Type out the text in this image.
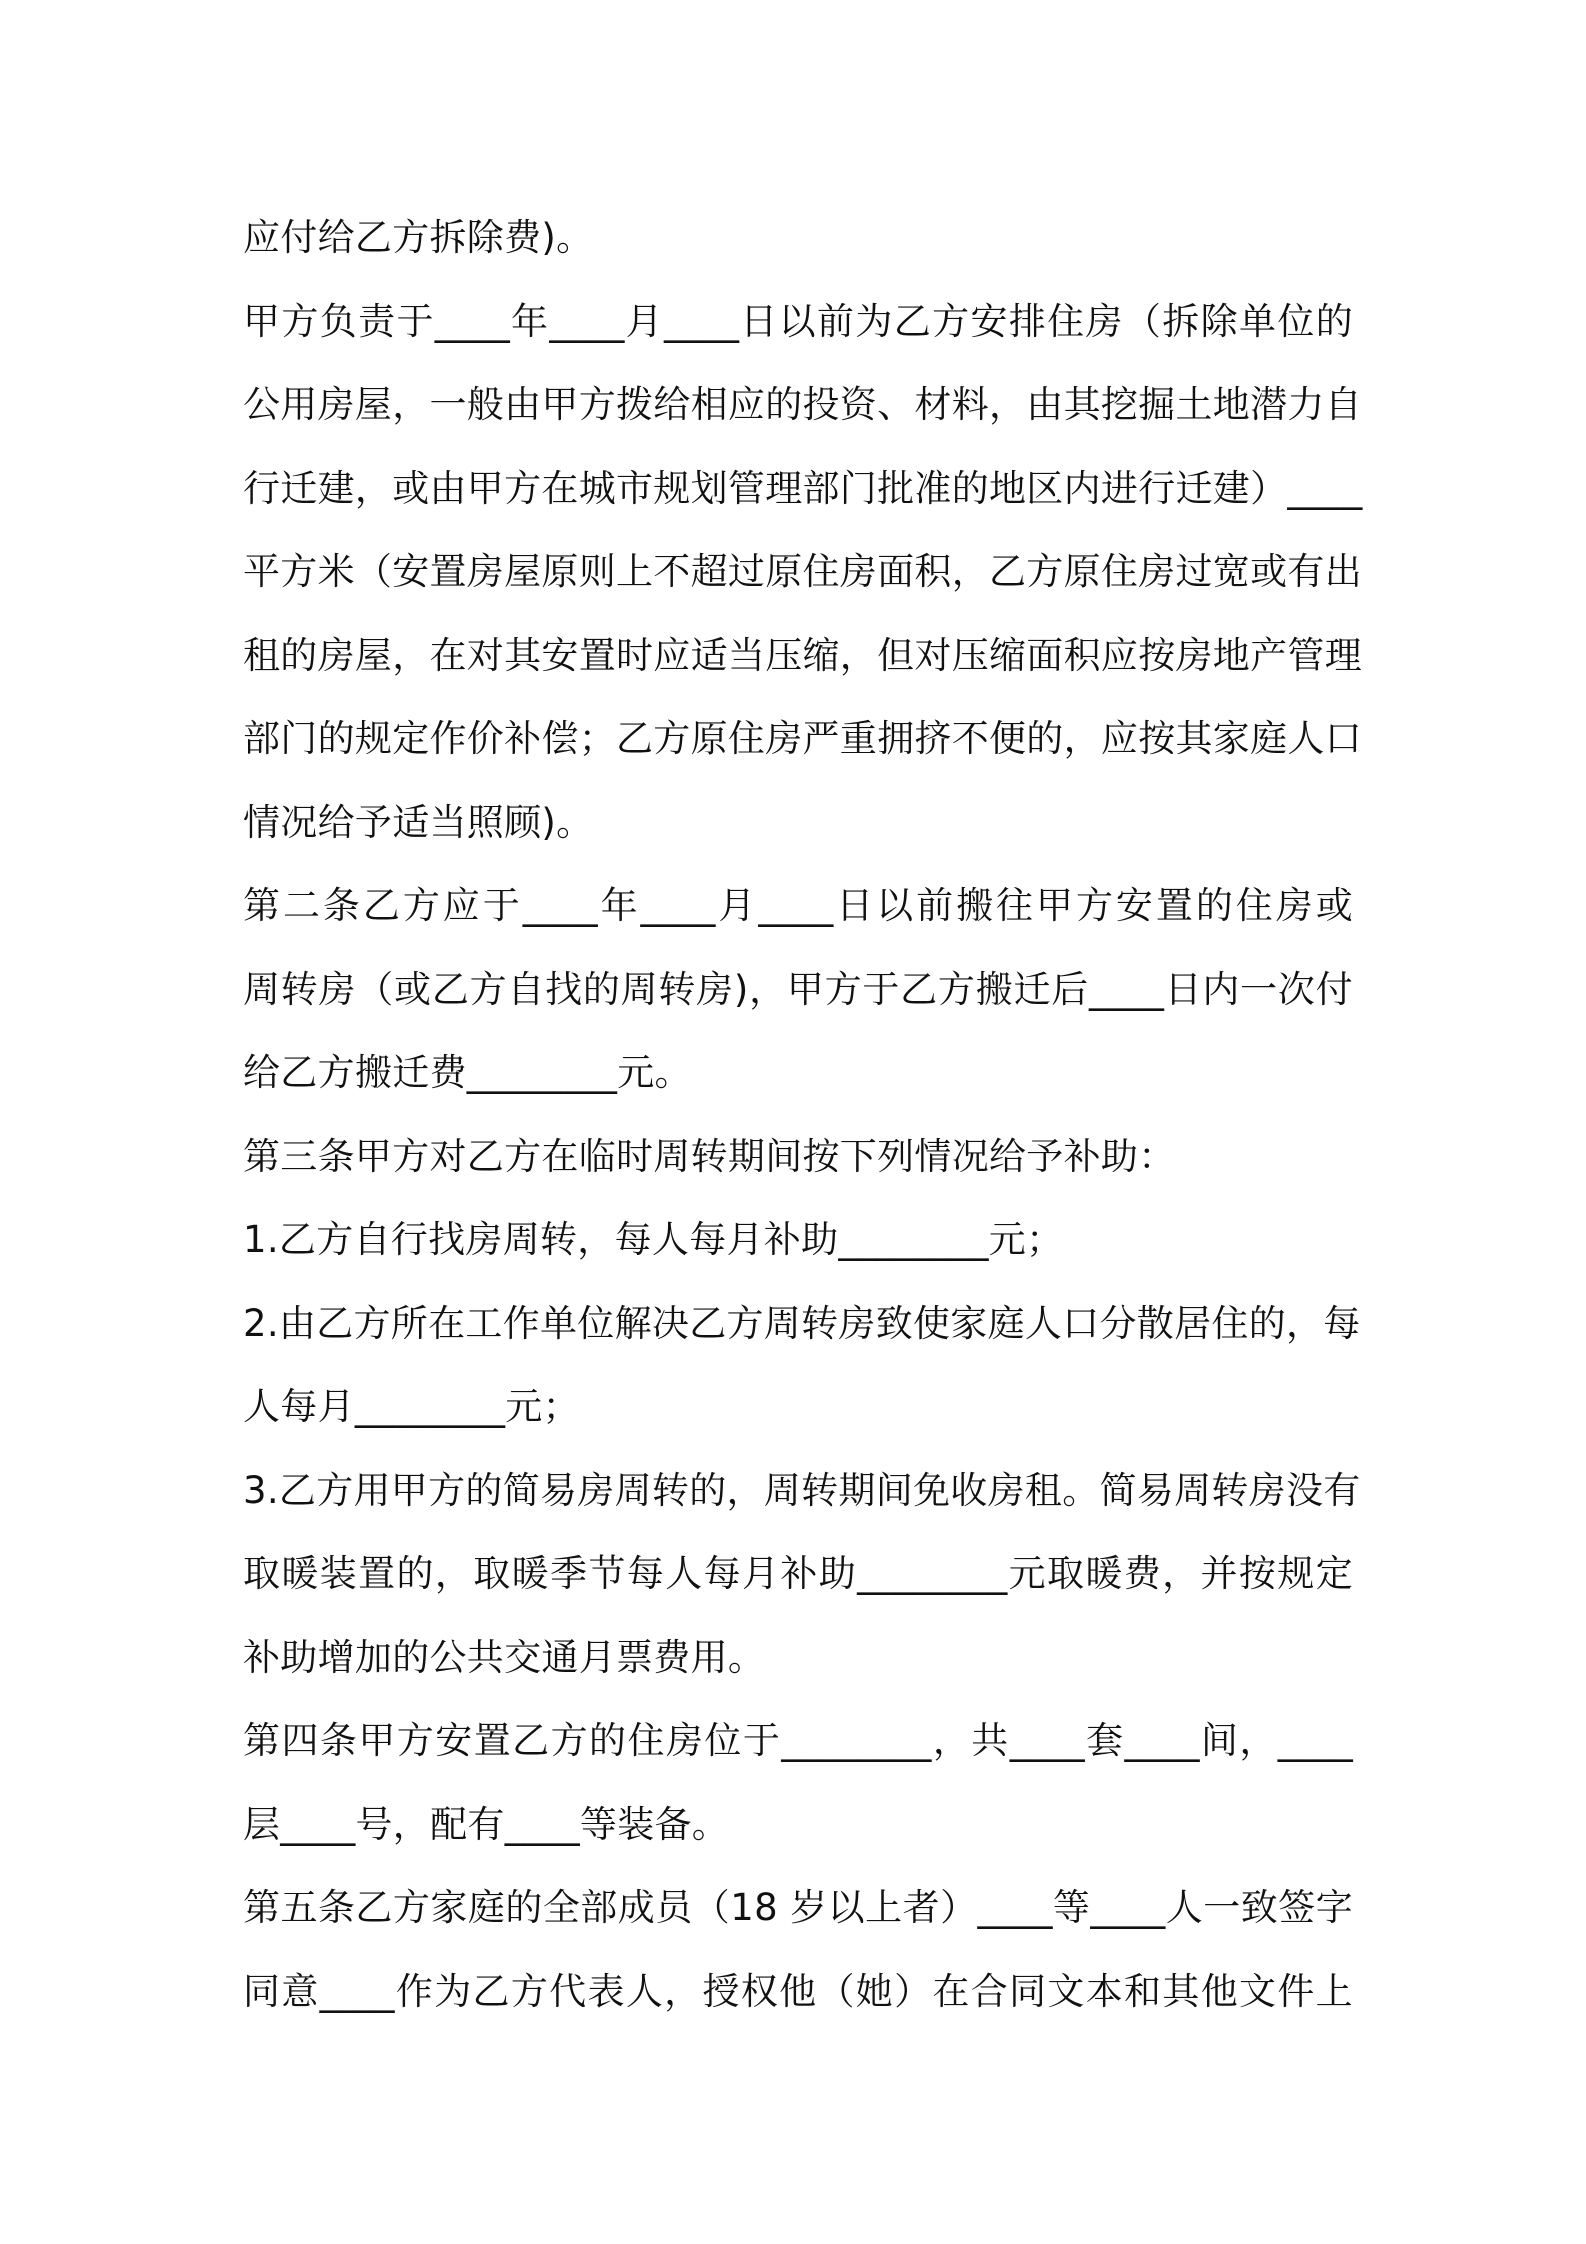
应付给乙方拆除费)。
甲方负责于____年____月____日以前为乙方安排住房（拆除单位的
公用房屋，一般由甲方拨给相应的投资、材料，由其挖掘土地潜力自
行迁建，或由甲方在城市规划管理部门批准的地区内进行迁建）____
平方米（安置房屋原则上不超过原住房面积，乙方原住房过宽或有出
租的房屋，在对其安置时应适当压缩，但对压缩面积应按房地产管理
部门的规定作价补偿；乙方原住房严重拥挤不便的，应按其家庭人口
情况给予适当照顾)。
第二条乙方应于____年____月____日以前搬往甲方安置的住房或
周转房（或乙方自找的周转房)，甲方于乙方搬迁后____日内一次付
给乙方搬迁费________元。
第三条甲方对乙方在临时周转期间按下列情况给予补助：
1.乙方自行找房周转，每人每月补助________元；
2.由乙方所在工作单位解决乙方周转房致使家庭人口分散居住的，每
人每月________元；
3.乙方用甲方的简易房周转的，周转期间免收房租。简易周转房没有
取暖装置的，取暖季节每人每月补助________元取暖费，并按规定
补助增加的公共交通月票费用。
第四条甲方安置乙方的住房位于________，共____套____间，____
层____号，配有____等装备。
第五条乙方家庭的全部成员（18 岁以上者）____等____人一致签字
同意____作为乙方代表人，授权他（她）在合同文本和其他文件上
